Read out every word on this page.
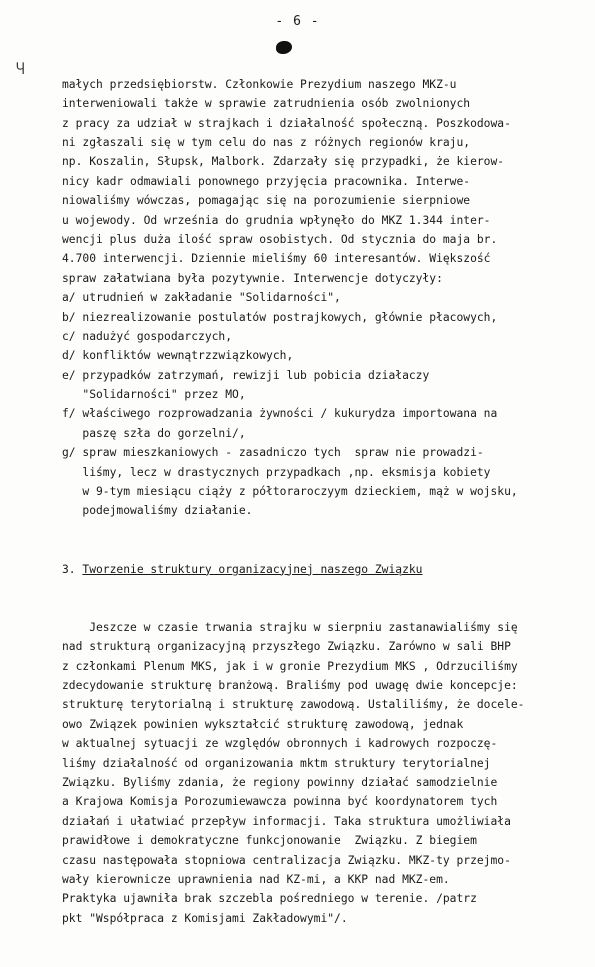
- 6 -
Ⴗ

małych przedsiębiorstw. Członkowie Prezydium naszego MKZ-u
interweniowali także w sprawie zatrudnienia osób zwolnionych
z pracy za udział w strajkach i działalność społeczną. Poszkodowa-
ni zgłaszali się w tym celu do nas z różnych regionów kraju,
np. Koszalin, Słupsk, Malbork. Zdarzały się przypadki, że kierow-
nicy kadr odmawiali ponownego przyjęcia pracownika. Interwe-
niowaliśmy wówczas, pomagając się na porozumienie sierpniowe
u wojewody. Od września do grudnia wpłynęło do MKZ 1.344 inter-
wencji plus duża ilość spraw osobistych. Od stycznia do maja br.
4.700 interwencji. Dziennie mieliśmy 60 interesantów. Większość
spraw załatwiana była pozytywnie. Interwencje dotyczyły:
a/ utrudnień w zakładanie "Solidarności",
b/ niezrealizowanie postulatów postrajkowych, głównie płacowych,
c/ nadużyć gospodarczych,
d/ konfliktów wewnątrzzwiązkowych,
e/ przypadków zatrzymań, rewizji lub pobicia działaczy
"Solidarności" przez MO,
f/ właściwego rozprowadzania żywności / kukurydza importowana na
paszę szła do gorzelni/,
g/ spraw mieszkaniowych - zasadniczo tych  spraw nie prowadzi-
liśmy, lecz w drastycznych przypadkach ,np. eksmisja kobiety
w 9-tym miesiącu ciąży z półtoraroczyym dzieckiem, mąż w wojsku,
podejmowaliśmy działanie.

3. Tworzenie struktury organizacyjnej naszego Związku

Jeszcze w czasie trwania strajku w sierpniu zastanawialiśmy się
nad strukturą organizacyjną przyszłego Związku. Zarówno w sali BHP
z członkami Plenum MKS, jak i w gronie Prezydium MKS , Odrzuciliśmy
zdecydowanie strukturę branżową. Braliśmy pod uwagę dwie koncepcje:
strukturę terytorialną i strukturę zawodową. Ustaliliśmy, że docele-
owo Związek powinien wykształcić strukturę zawodową, jednak
w aktualnej sytuacji ze względów obronnych i kadrowych rozpoczę-
liśmy działalność od organizowania mktm struktury terytorialnej
Związku. Byliśmy zdania, że regiony powinny działać samodzielnie
a Krajowa Komisja Porozumiewawcza powinna być koordynatorem tych
działań i ułatwiać przepływ informacji. Taka struktura umożliwiała
prawidłowe i demokratyczne funkcjonowanie  Związku. Z biegiem
czasu następowała stopniowa centralizacja Związku. MKZ-ty przejmo-
wały kierownicze uprawnienia nad KZ-mi, a KKP nad MKZ-em.
Praktyka ujawniła brak szczebla pośredniego w terenie. /patrz
pkt "Współpraca z Komisjami Zakładowymi"/.
